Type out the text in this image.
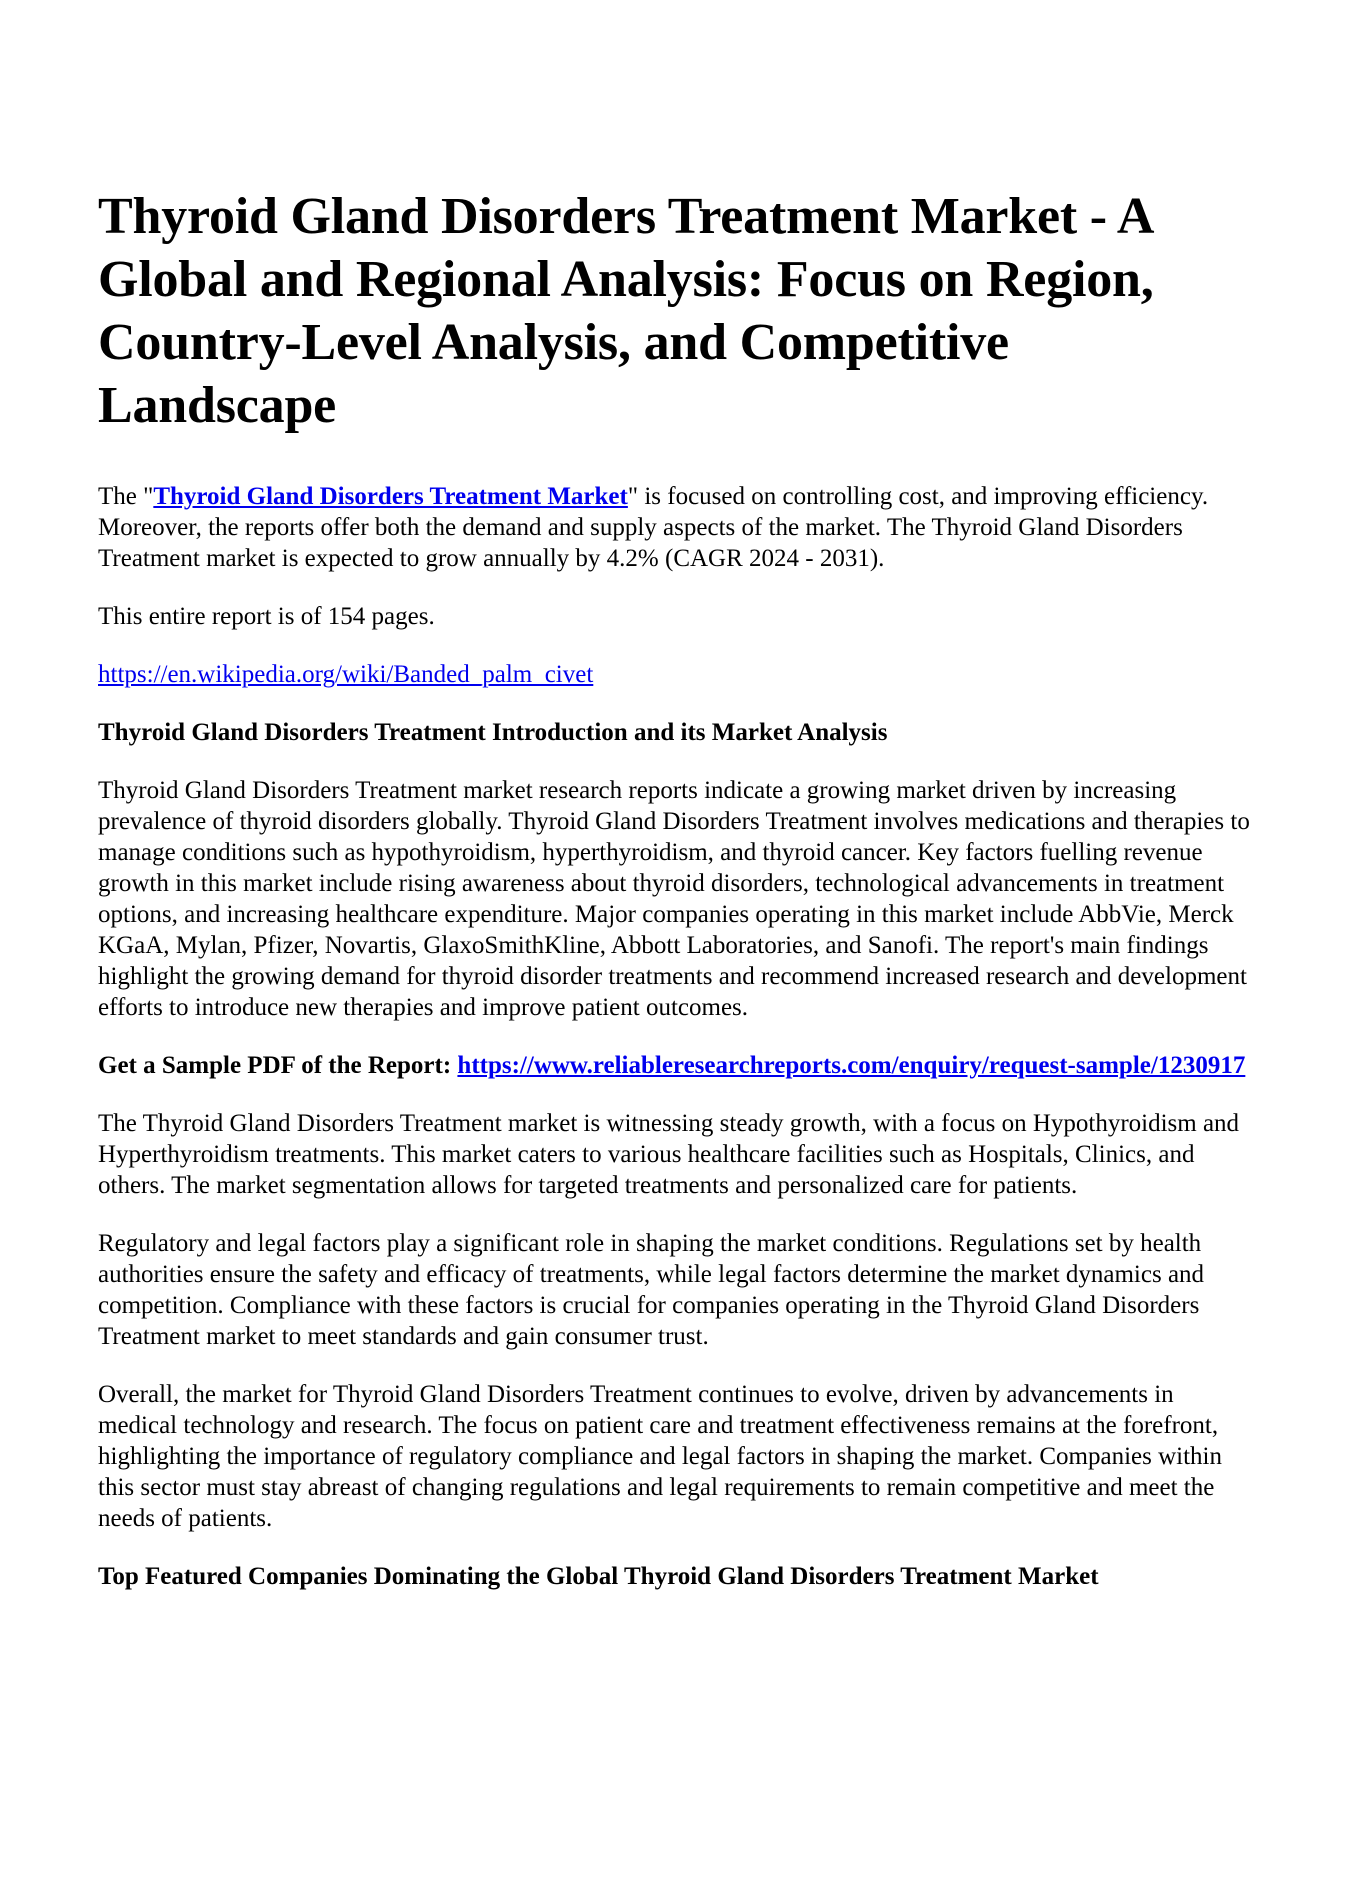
Thyroid Gland Disorders Treatment Market - A Global and Regional Analysis: Focus on Region, Country-Level Analysis, and Competitive Landscape

The "Thyroid Gland Disorders Treatment Market" is focused on controlling cost, and improving efficiency. Moreover, the reports offer both the demand and supply aspects of the market. The Thyroid Gland Disorders Treatment market is expected to grow annually by 4.2% (CAGR 2024 - 2031).

This entire report is of 154 pages.

https://en.wikipedia.org/wiki/Banded_palm_civet

Thyroid Gland Disorders Treatment Introduction and its Market Analysis

Thyroid Gland Disorders Treatment market research reports indicate a growing market driven by increasing prevalence of thyroid disorders globally. Thyroid Gland Disorders Treatment involves medications and therapies to manage conditions such as hypothyroidism, hyperthyroidism, and thyroid cancer. Key factors fuelling revenue growth in this market include rising awareness about thyroid disorders, technological advancements in treatment options, and increasing healthcare expenditure. Major companies operating in this market include AbbVie, Merck KGaA, Mylan, Pfizer, Novartis, GlaxoSmithKline, Abbott Laboratories, and Sanofi. The report's main findings highlight the growing demand for thyroid disorder treatments and recommend increased research and development efforts to introduce new therapies and improve patient outcomes.

Get a Sample PDF of the Report: https://www.reliableresearchreports.com/enquiry/request-sample/1230917

The Thyroid Gland Disorders Treatment market is witnessing steady growth, with a focus on Hypothyroidism and Hyperthyroidism treatments. This market caters to various healthcare facilities such as Hospitals, Clinics, and others. The market segmentation allows for targeted treatments and personalized care for patients.

Regulatory and legal factors play a significant role in shaping the market conditions. Regulations set by health authorities ensure the safety and efficacy of treatments, while legal factors determine the market dynamics and competition. Compliance with these factors is crucial for companies operating in the Thyroid Gland Disorders Treatment market to meet standards and gain consumer trust.

Overall, the market for Thyroid Gland Disorders Treatment continues to evolve, driven by advancements in medical technology and research. The focus on patient care and treatment effectiveness remains at the forefront, highlighting the importance of regulatory compliance and legal factors in shaping the market. Companies within this sector must stay abreast of changing regulations and legal requirements to remain competitive and meet the needs of patients.

Top Featured Companies Dominating the Global Thyroid Gland Disorders Treatment Market
